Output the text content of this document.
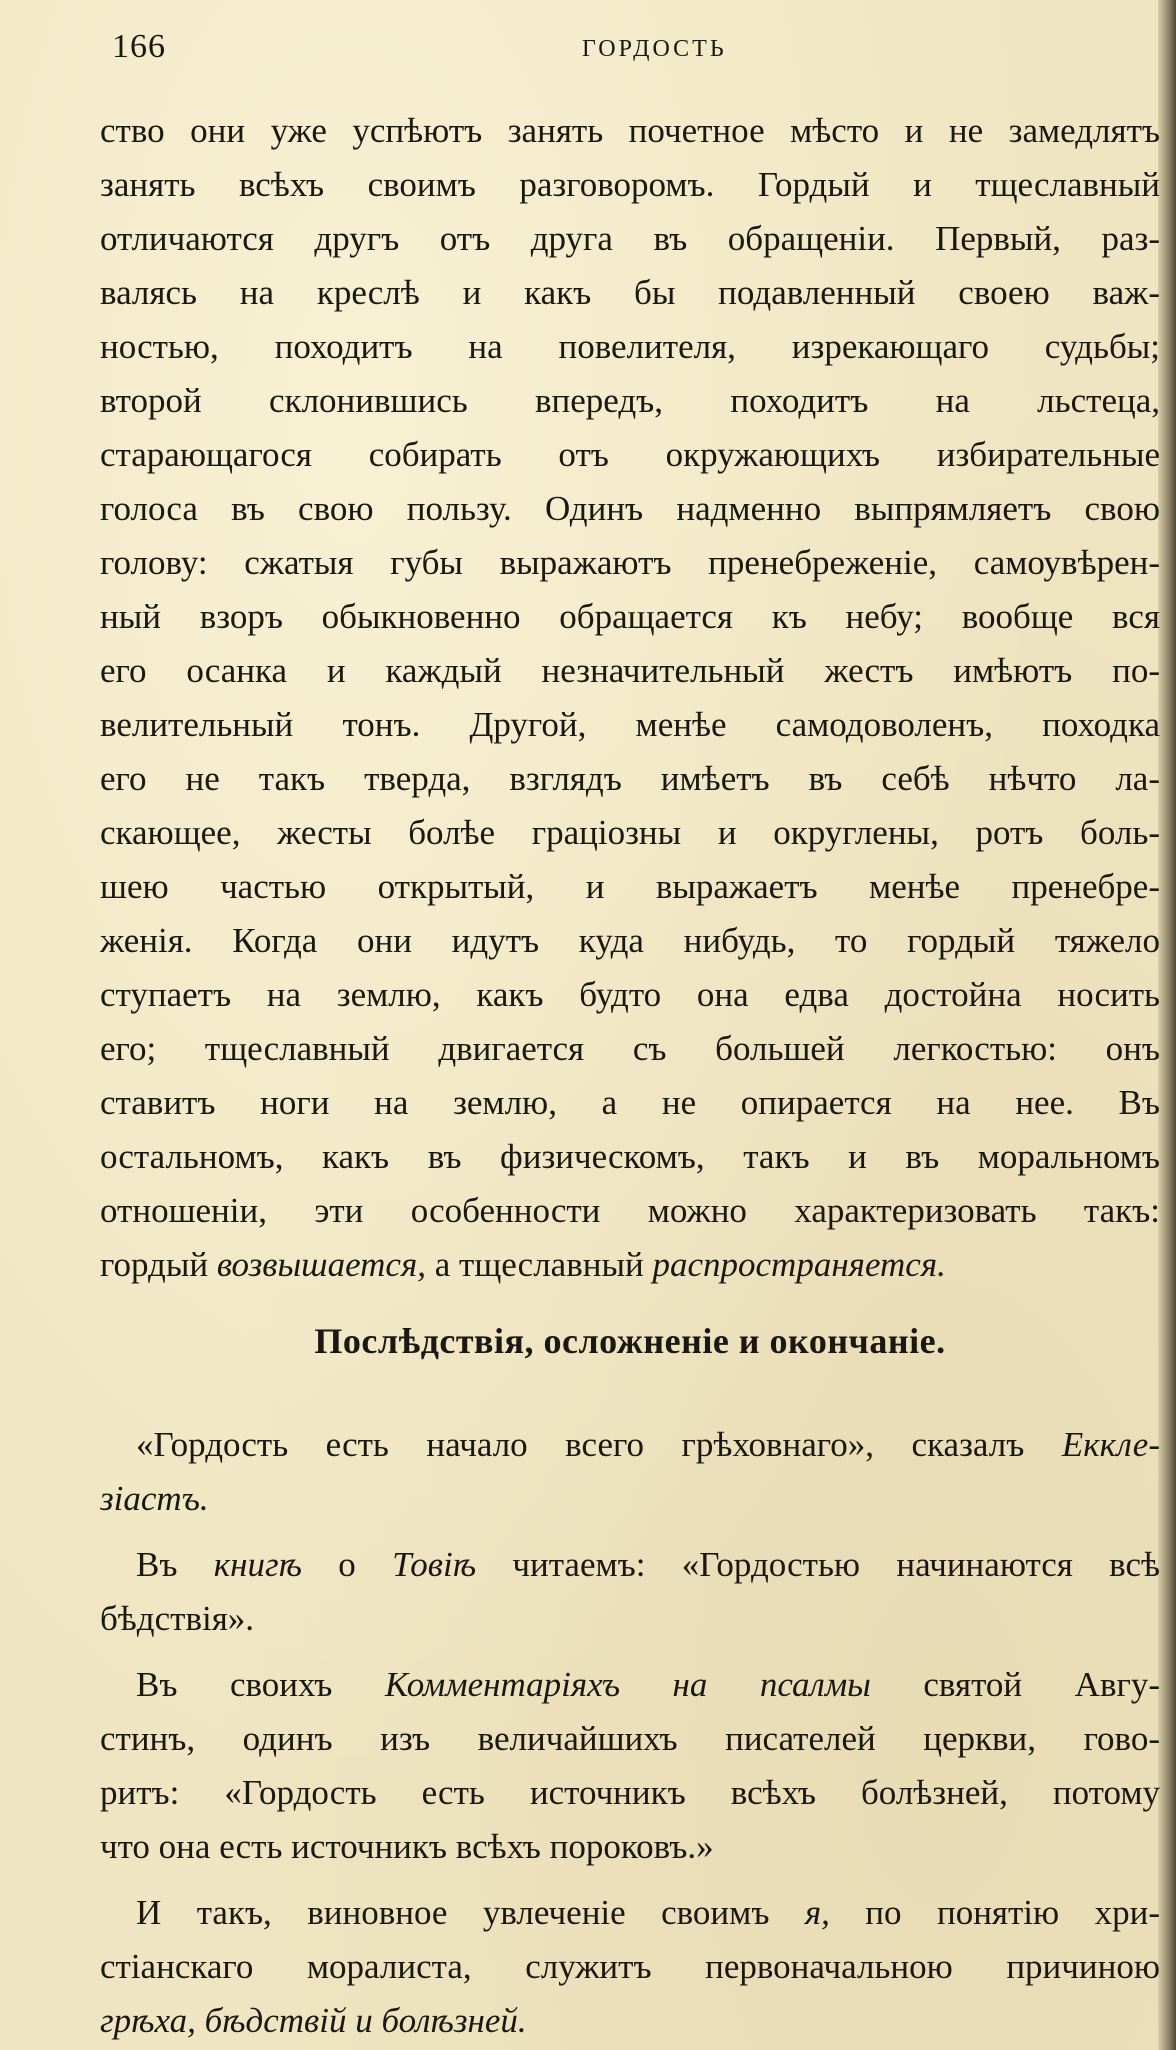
166	ГОРДОСТЬ
ство они уже успѣютъ занять почетное мѣсто и не замедлятъ
занять всѣхъ своимъ разговоромъ. Гордый и тщеславный
отличаются другъ отъ друга въ обращеніи. Первый, раз-
валясь на креслѣ и какъ бы подавленный своею важ-
ностью, походитъ на повелителя, изрекающаго судьбы;
второй склонившись впередъ, походитъ на льстеца,
старающагося собирать отъ окружающихъ избирательные
голоса въ свою пользу. Одинъ надменно выпрямляетъ свою
голову: сжатыя губы выражаютъ пренебреженіе, самоувѣрен-
ный взоръ обыкновенно обращается къ небу; вообще вся
его осанка и каждый незначительный жестъ имѣютъ по-
велительный тонъ. Другой, менѣе самодоволенъ, походка
его не такъ тверда, взглядъ имѣетъ въ себѣ нѣчто ла-
скающее, жесты болѣе граціозны и округлены, ротъ боль-
шею частью открытый, и выражаетъ менѣе пренебре-
женія. Когда они идутъ куда нибудь, то гордый тяжело
ступаетъ на землю, какъ будто она едва достойна носить
его; тщеславный двигается съ большей легкостью: онъ
ставитъ ноги на землю, а не опирается на нее. Въ
остальномъ, какъ въ физическомъ, такъ и въ моральномъ
отношеніи, эти особенности можно характеризовать такъ:
гордый возвышается, а тщеславный распространяется.
Послѣдствія, осложненіе и окончаніе.
«Гордость есть начало всего грѣховнаго», сказалъ Еккле-
зіастъ.
Въ книгѣ о Товіѣ читаемъ: «Гордостью начинаются всѣ
бѣдствія».
Въ своихъ Комментаріяхъ на псалмы святой Авгу-
стинъ, одинъ изъ величайшихъ писателей церкви, гово-
ритъ: «Гордость есть источникъ всѣхъ болѣзней, потому
что она есть источникъ всѣхъ пороковъ.»
И такъ, виновное увлеченіе своимъ я, по понятію хри-
стіанскаго моралиста, служитъ первоначальною причиною
грѣха, бѣдствій и болѣзней.
